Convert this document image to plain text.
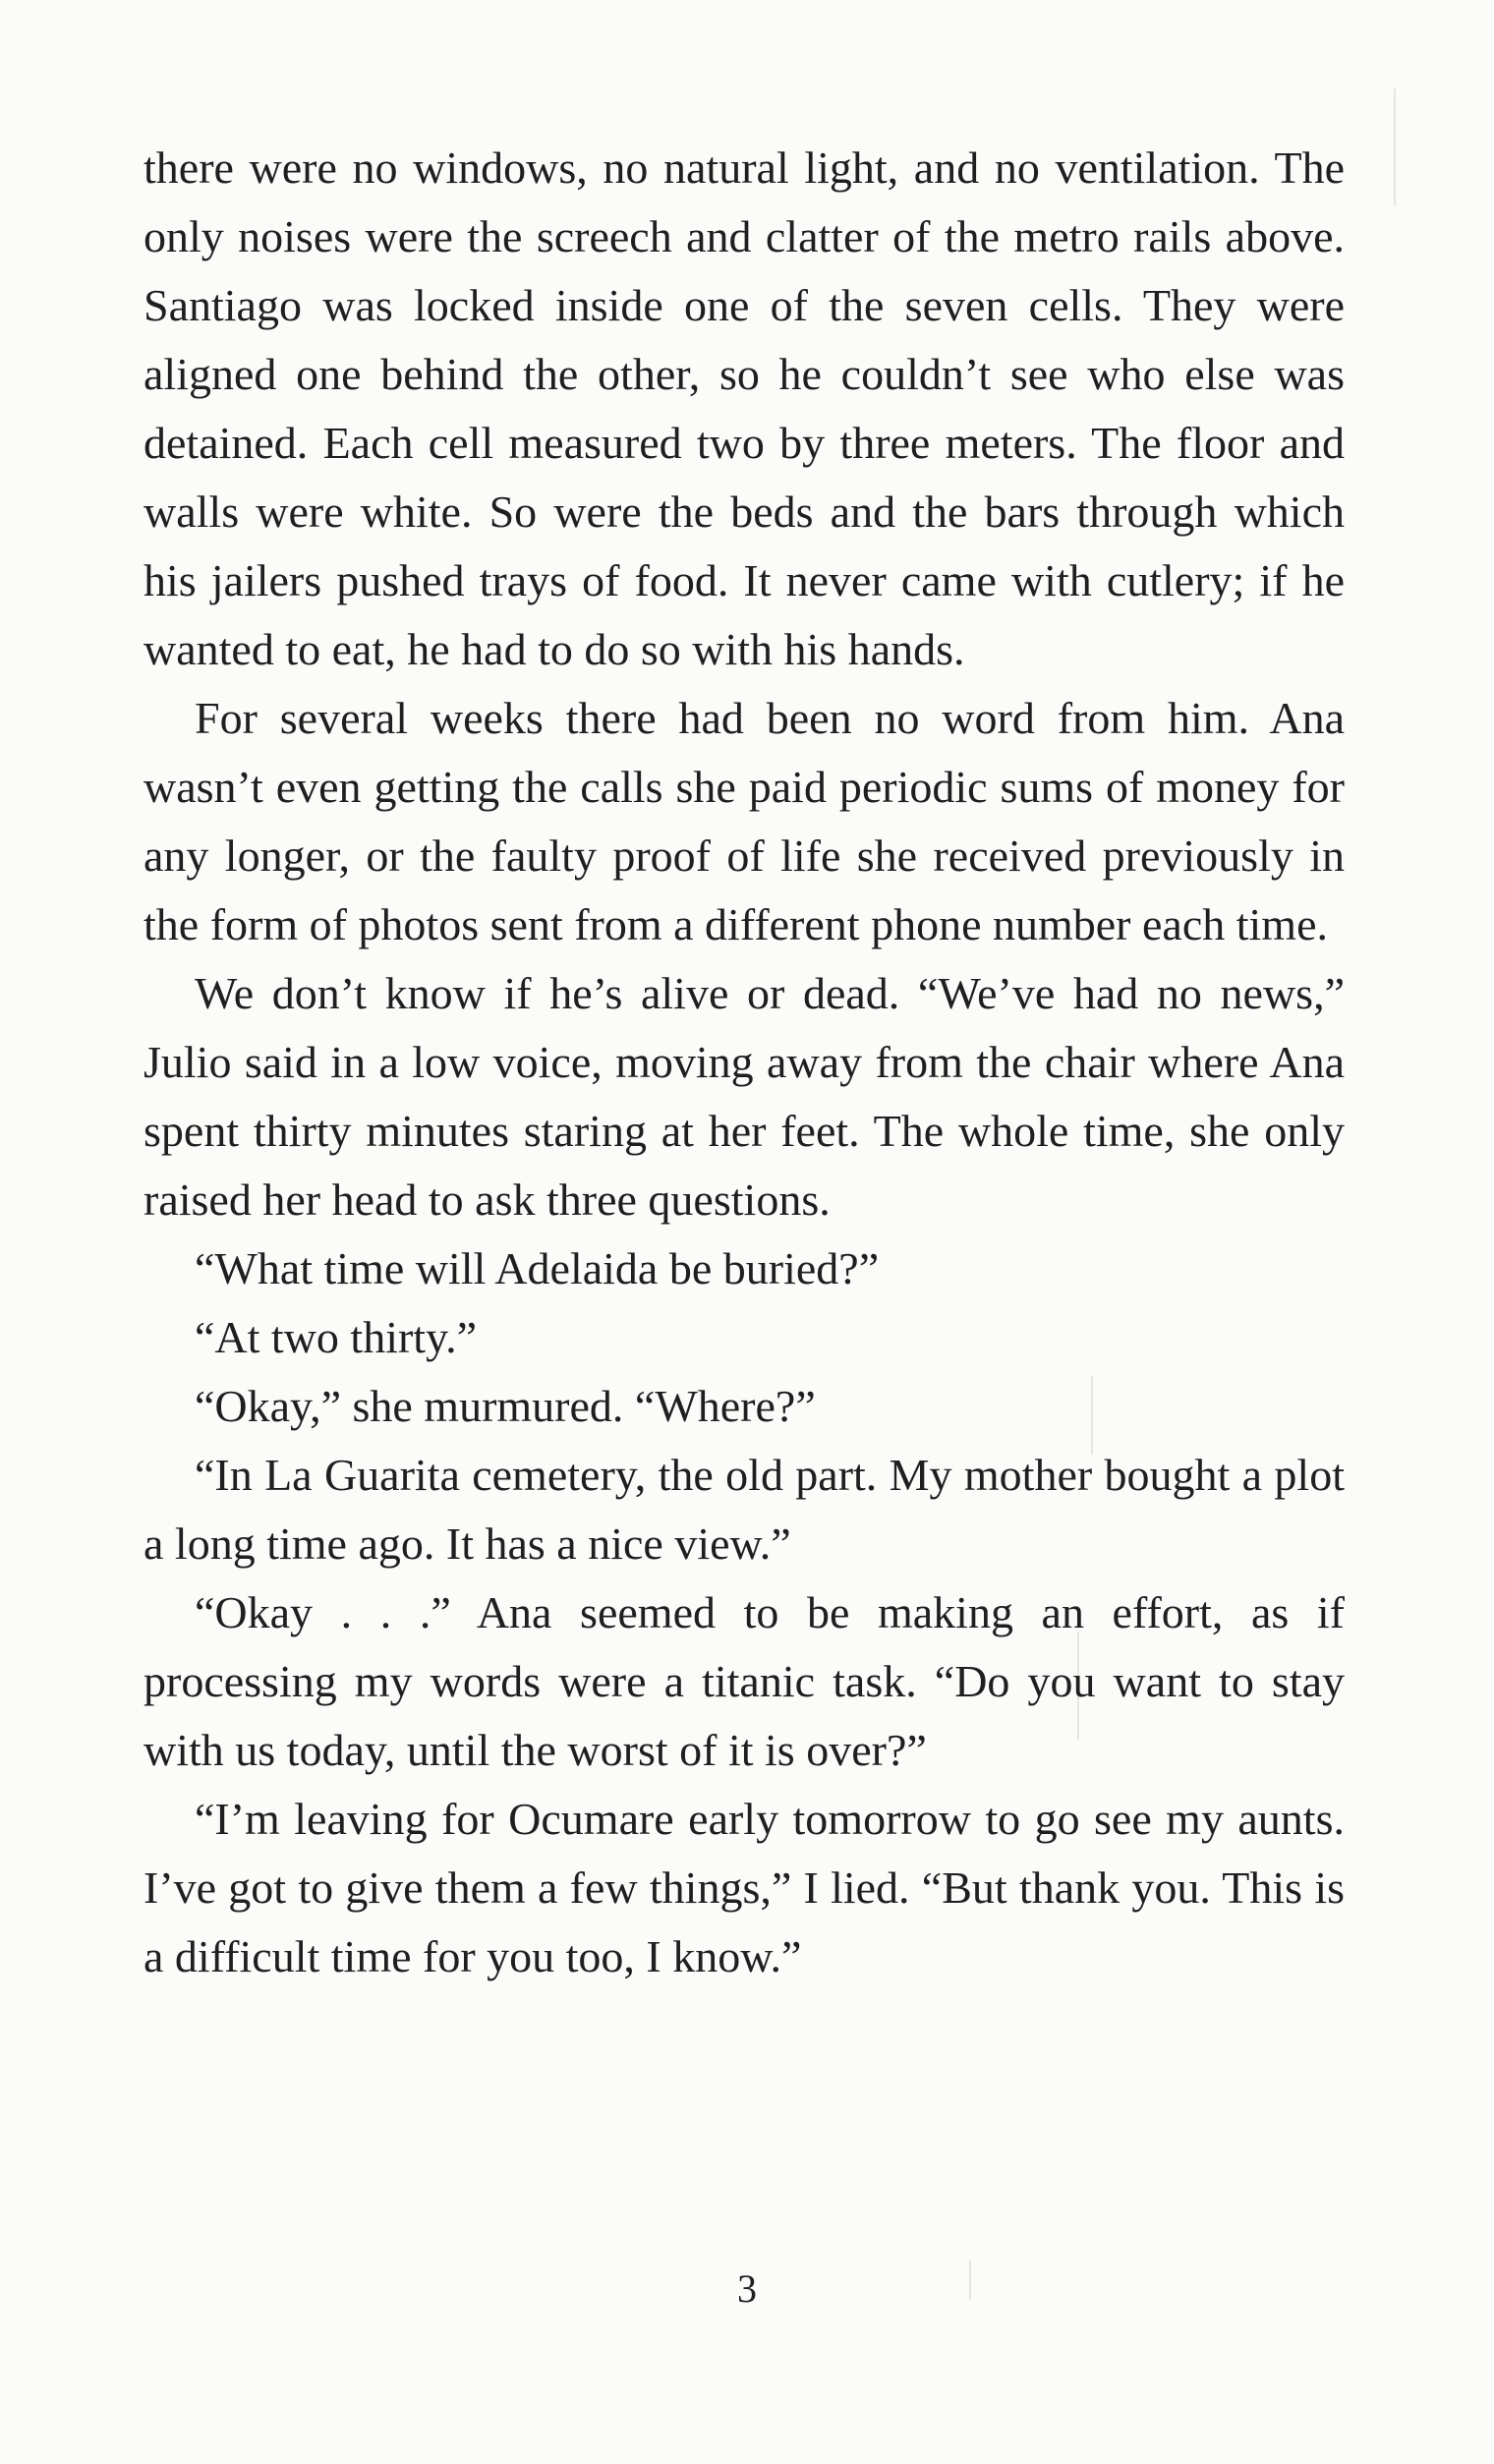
there were no windows, no natural light, and no ventilation. The only noises were the screech and clatter of the metro rails above. Santiago was locked inside one of the seven cells. They were aligned one behind the other, so he couldn’t see who else was detained. Each cell measured two by three meters. The floor and walls were white. So were the beds and the bars through which his jailers pushed trays of food. It never came with cutlery; if he wanted to eat, he had to do so with his hands.

For several weeks there had been no word from him. Ana wasn’t even getting the calls she paid periodic sums of money for any longer, or the faulty proof of life she received previously in the form of photos sent from a different phone number each time.

We don’t know if he’s alive or dead. “We’ve had no news,” Julio said in a low voice, moving away from the chair where Ana spent thirty minutes staring at her feet. The whole time, she only raised her head to ask three questions.

“What time will Adelaida be buried?”

“At two thirty.”

“Okay,” she murmured. “Where?”

“In La Guarita cemetery, the old part. My mother bought a plot a long time ago. It has a nice view.”

“Okay . . .” Ana seemed to be making an effort, as if processing my words were a titanic task. “Do you want to stay with us today, until the worst of it is over?”

“I’m leaving for Ocumare early tomorrow to go see my aunts. I’ve got to give them a few things,” I lied. “But thank you. This is a difficult time for you too, I know.”

3
